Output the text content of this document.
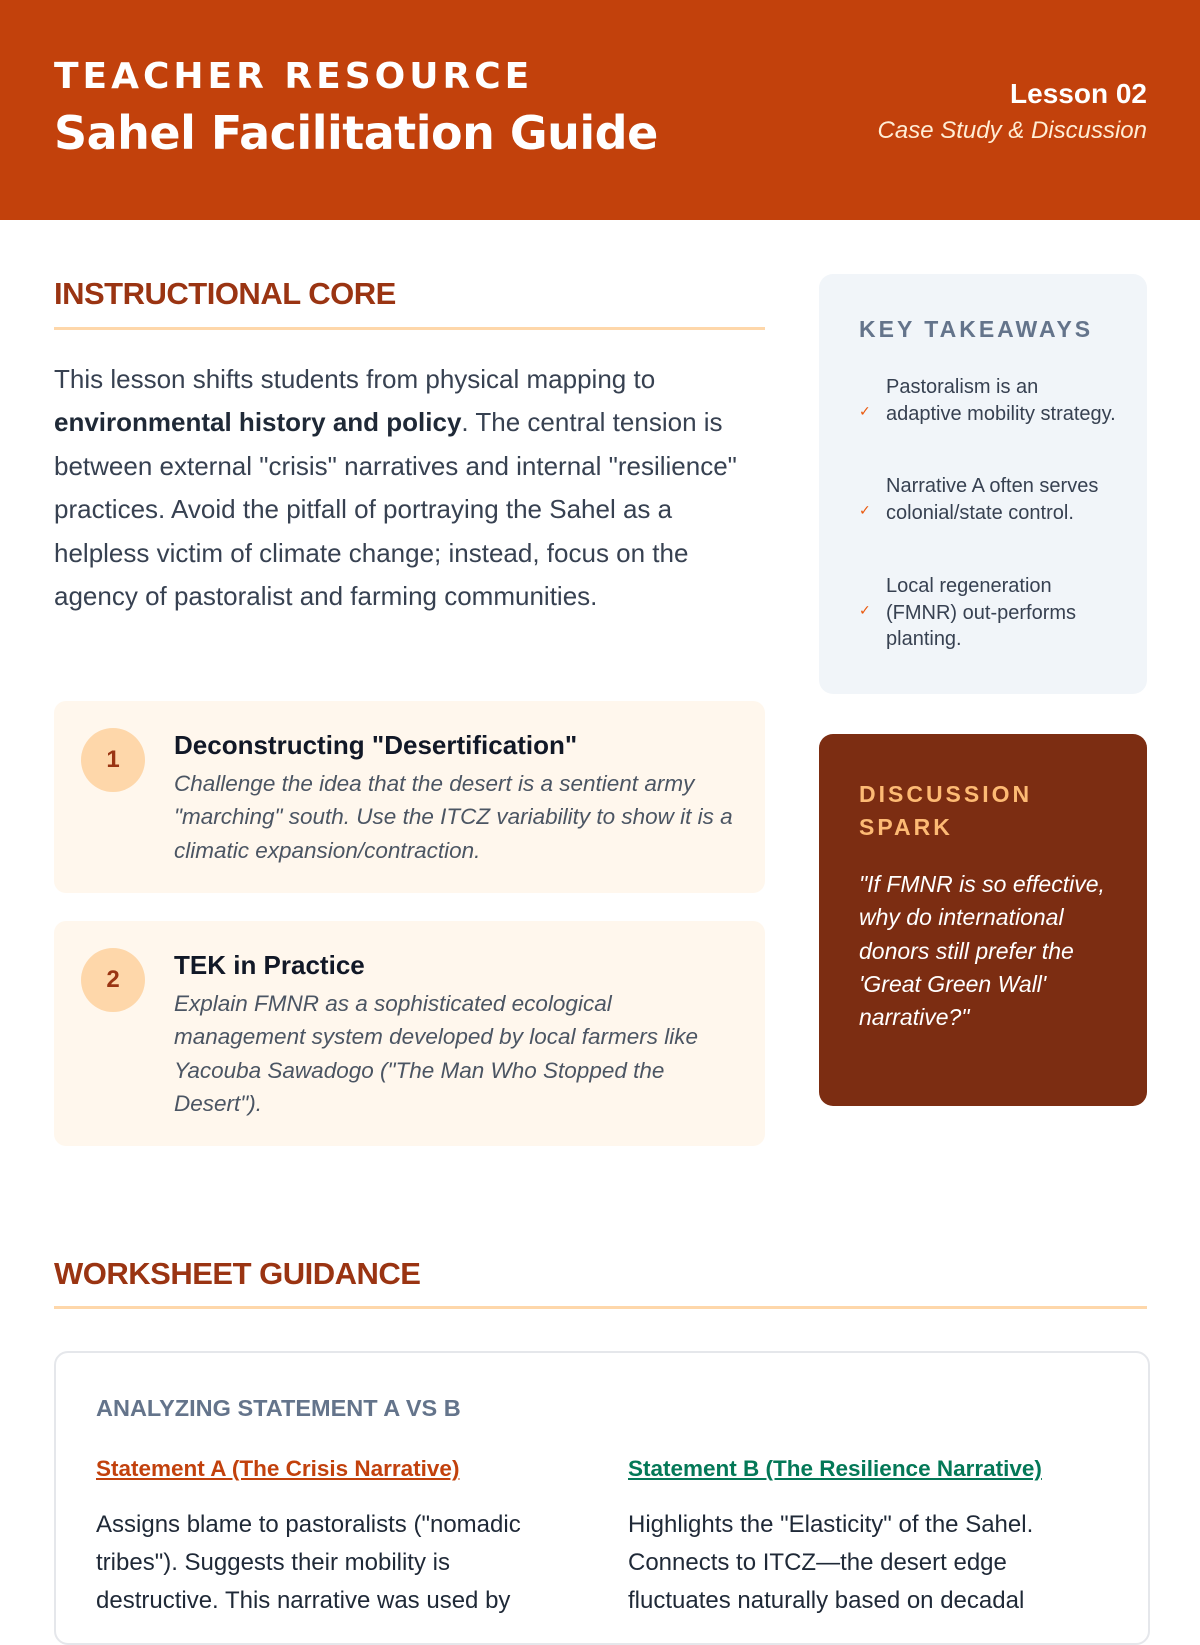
TEACHER RESOURCE
Sahel Facilitation Guide
Lesson 02
Case Study & Discussion
INSTRUCTIONAL CORE
This lesson shifts students from physical mapping to environmental history and policy. The central tension is between external "crisis" narratives and internal "resilience" practices. Avoid the pitfall of portraying the Sahel as a helpless victim of climate change; instead, focus on the agency of pastoralist and farming communities.
1	Deconstructing "Desertification"
Challenge the idea that the desert is a sentient army "marching" south. Use the ITCZ variability to show it is a climatic expansion/contraction.
2	TEK in Practice
Explain FMNR as a sophisticated ecological management system developed by local farmers like Yacouba Sawadogo ("The Man Who Stopped the Desert").
KEY TAKEAWAYS
✓
Pastoralism is an adaptive mobility strategy.
✓
Narrative A often serves colonial/state control.
✓
Local regeneration (FMNR) out-performs planting.
DISCUSSION SPARK
"If FMNR is so effective, why do international donors still prefer the 'Great Green Wall' narrative?"
WORKSHEET GUIDANCE
ANALYZING STATEMENT A VS B
Statement A (The Crisis Narrative)
Assigns blame to pastoralists ("nomadic tribes"). Suggests their mobility is destructive. This narrative was used by
Statement B (The Resilience Narrative)
Highlights the "Elasticity" of the Sahel. Connects to ITCZ—the desert edge fluctuates naturally based on decadal
